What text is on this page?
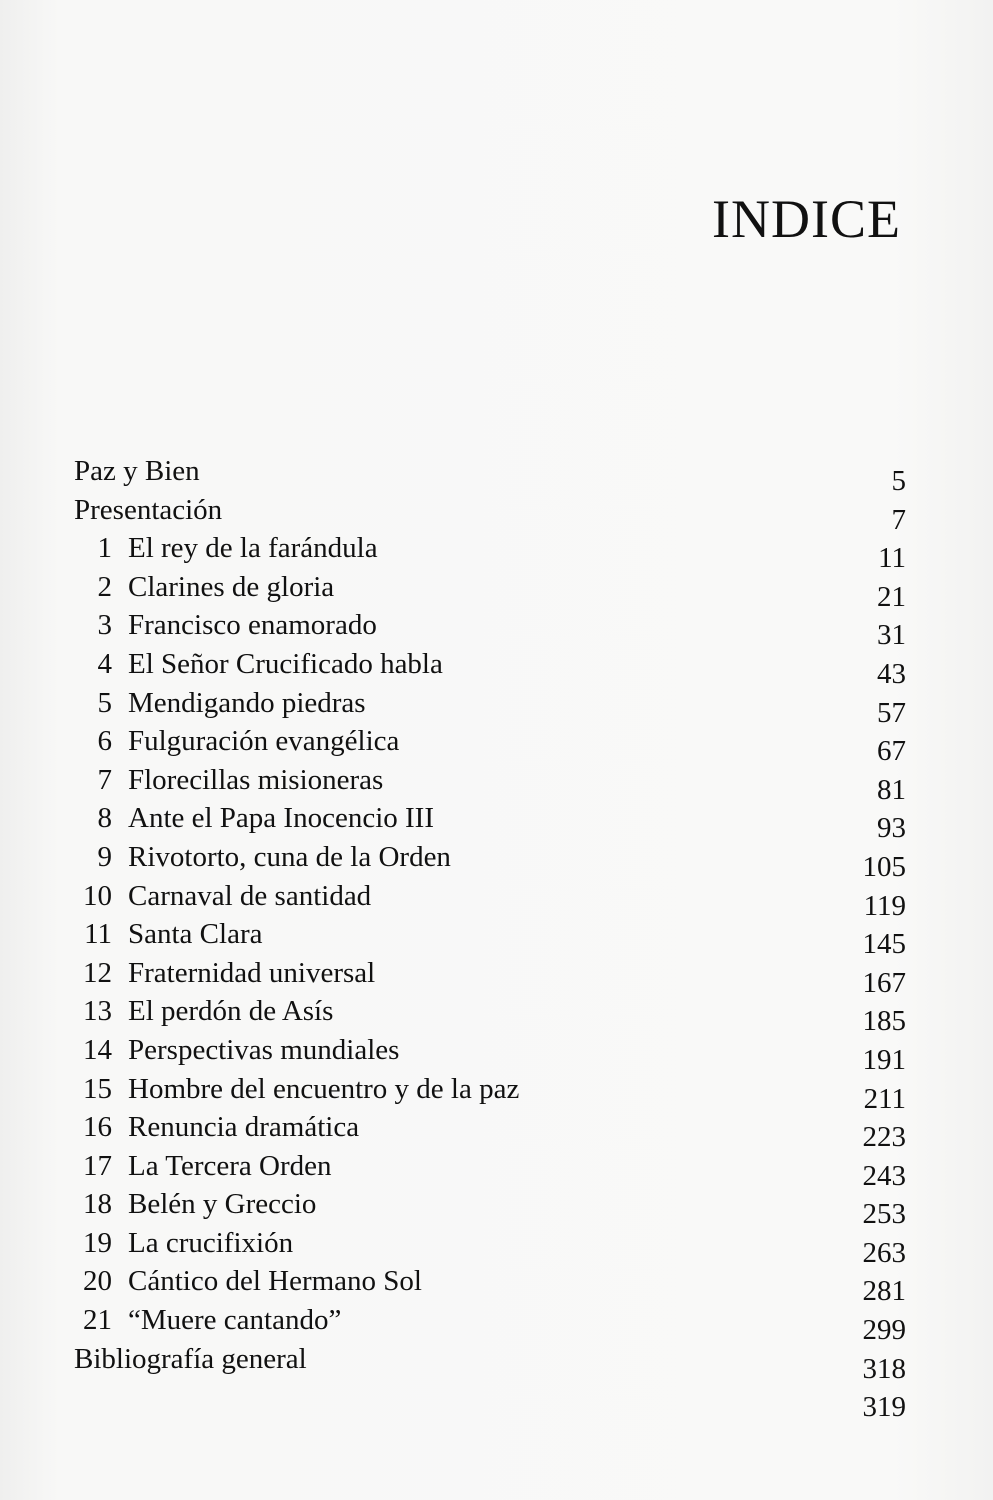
INDICE
Paz y Bien	5
Presentación	7
1 El rey de la farándula	11
2 Clarines de gloria	21
3 Francisco enamorado	31
4 El Señor Crucificado habla	43
5 Mendigando piedras	57
6 Fulguración evangélica	67
7 Florecillas misioneras	81
8 Ante el Papa Inocencio III	93
9 Rivotorto, cuna de la Orden	105
10 Carnaval de santidad	119
11 Santa Clara	145
12 Fraternidad universal	167
13 El perdón de Asís	185
14 Perspectivas mundiales	191
15 Hombre del encuentro y de la paz	211
16 Renuncia dramática	223
17 La Tercera Orden	243
18 Belén y Greccio	253
19 La crucifixión	263
20 Cántico del Hermano Sol	281
21 “Muere cantando”	299
Bibliografía general	318
319
